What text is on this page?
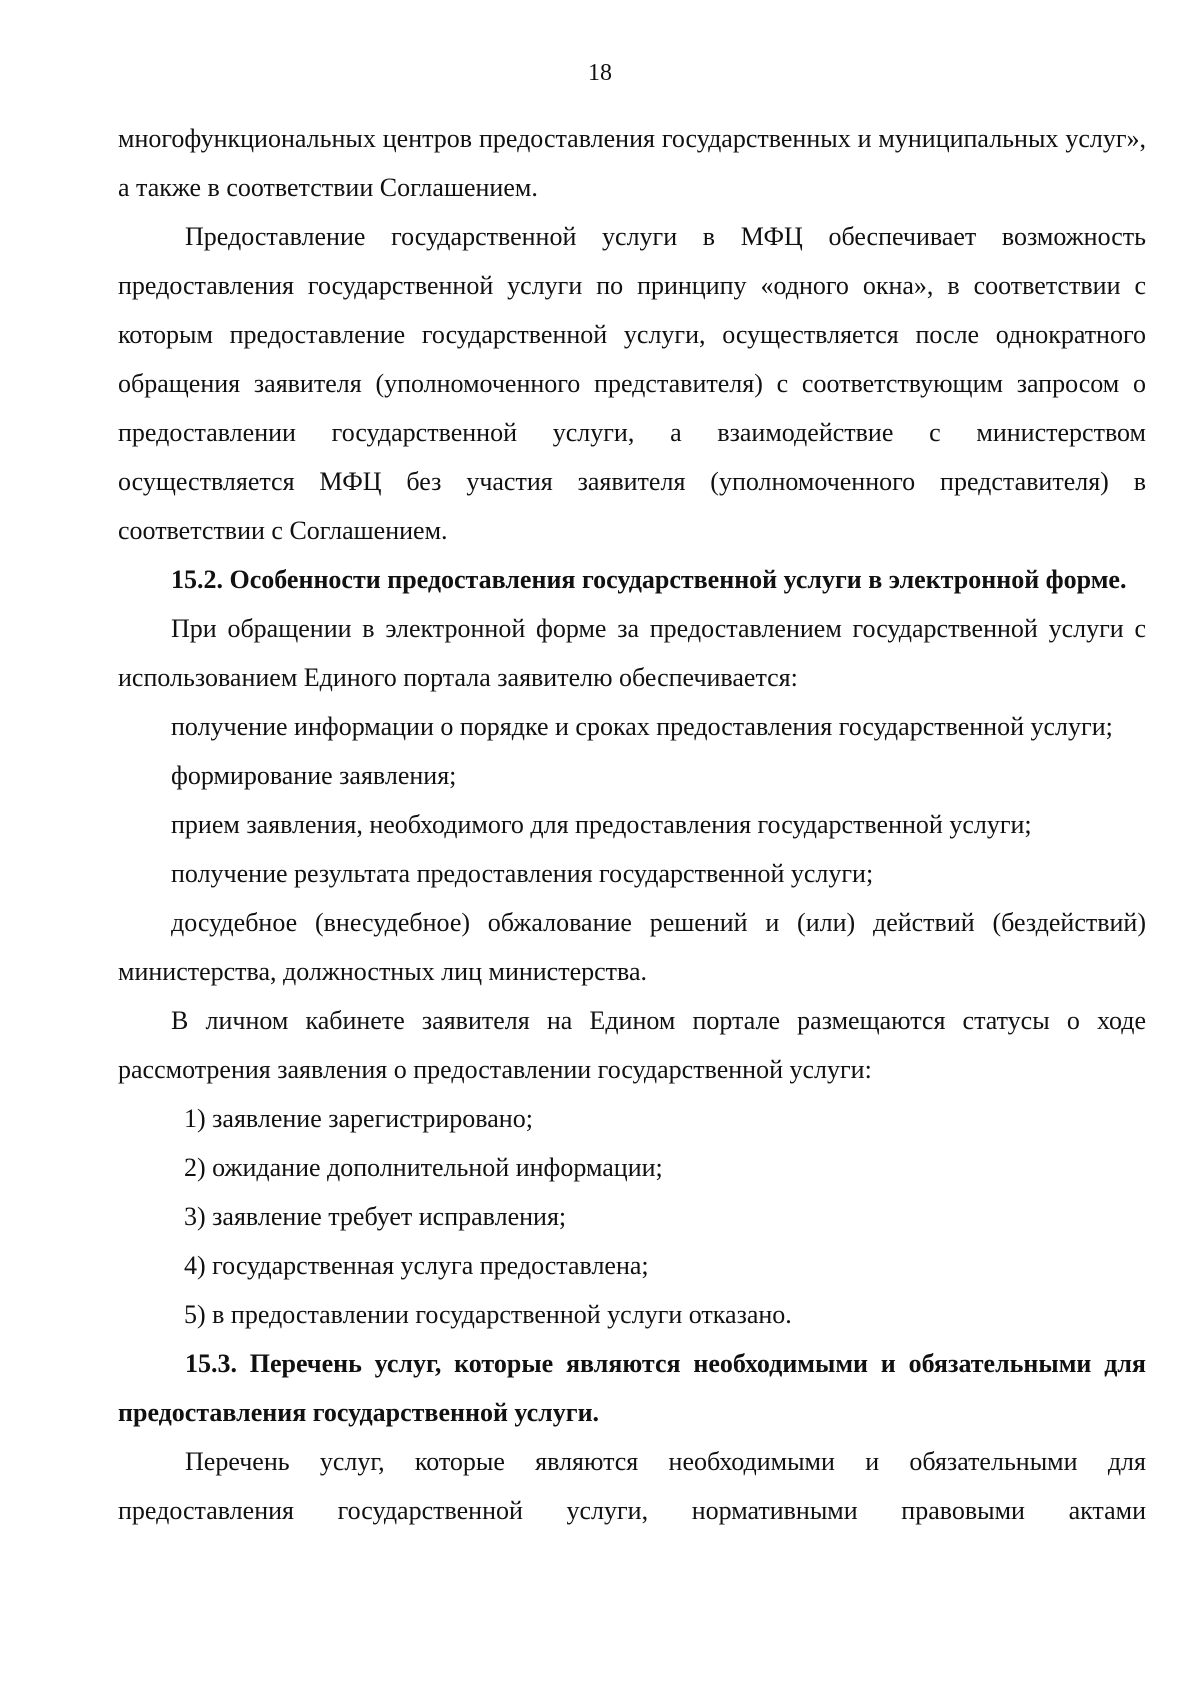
18

многофункциональных центров предоставления государственных и муниципальных услуг», а также в соответствии Соглашением.

Предоставление государственной услуги в МФЦ обеспечивает возможность предоставления государственной услуги по принципу «одного окна», в соответствии с которым предоставление государственной услуги, осуществляется после однократного обращения заявителя (уполномоченного представителя) с соответствующим запросом о предоставлении государственной услуги, а взаимодействие с министерством осуществляется МФЦ без участия заявителя (уполномоченного представителя) в соответствии с Соглашением.

15.2. Особенности предоставления государственной услуги в электронной форме.

При обращении в электронной форме за предоставлением государственной услуги с использованием Единого портала заявителю обеспечивается:

получение информации о порядке и сроках предоставления государственной услуги;

формирование заявления;

прием заявления, необходимого для предоставления государственной услуги;

получение результата предоставления государственной услуги;

досудебное (внесудебное) обжалование решений и (или) действий (бездействий) министерства, должностных лиц министерства.

В личном кабинете заявителя на Едином портале размещаются статусы о ходе рассмотрения заявления о предоставлении государственной услуги:

1) заявление зарегистрировано;

2) ожидание дополнительной информации;

3) заявление требует исправления;

4) государственная услуга предоставлена;

5) в предоставлении государственной услуги отказано.

15.3. Перечень услуг, которые являются необходимыми и обязательными для предоставления государственной услуги.

Перечень услуг, которые являются необходимыми и обязательными для предоставления государственной услуги, нормативными правовыми актами
